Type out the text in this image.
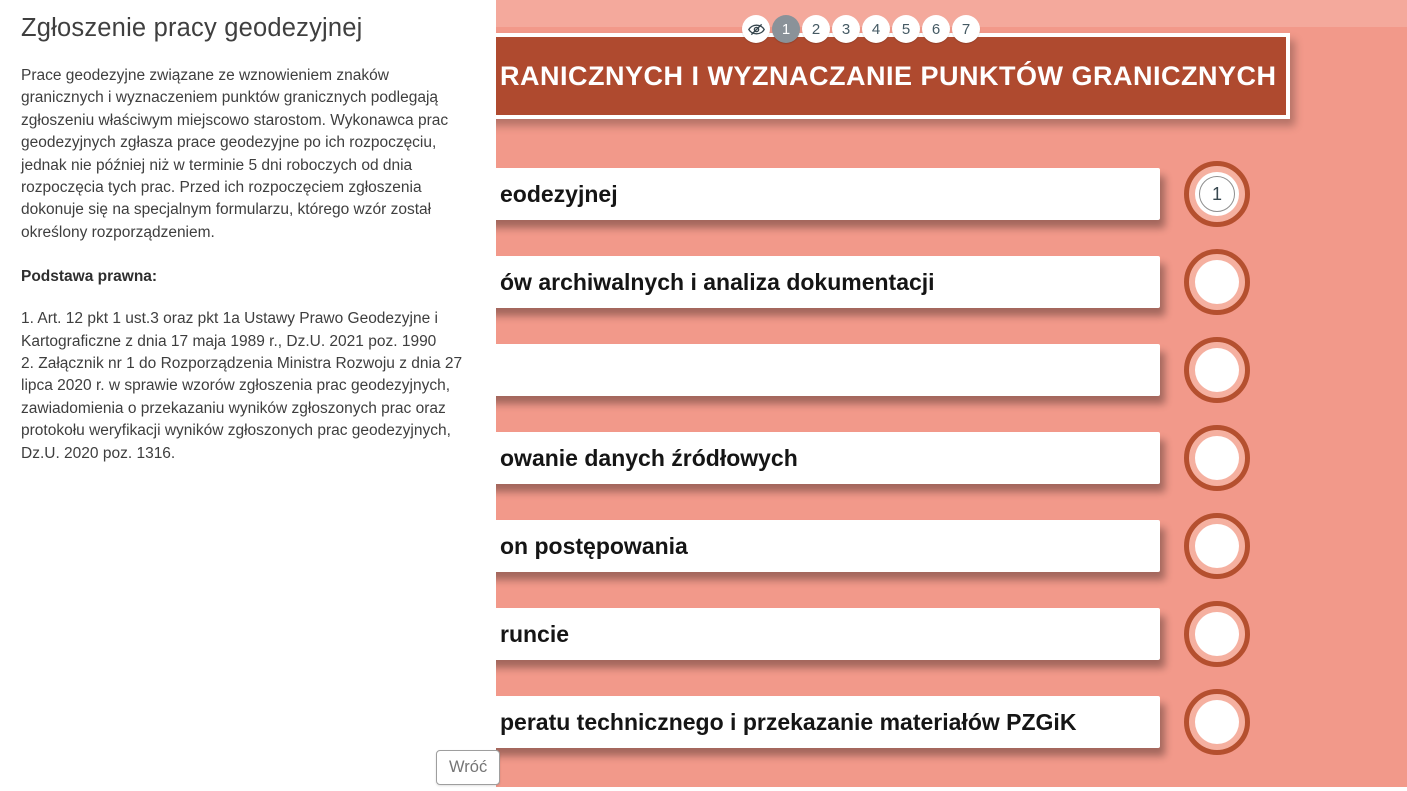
1	2	3	4	5	6	7
RANICZNYCH I WYZNACZANIE PUNKTÓW GRANICZNYCH
eodezyjnej
ów archiwalnych i analiza dokumentacji
owanie danych źródłowych
on postępowania
runcie
peratu technicznego i przekazanie materiałów PZGiK
1
Zgłoszenie pracy geodezyjnej
Prace geodezyjne związane ze wznowieniem znaków granicznych i wyznaczeniem punktów granicznych podlegają zgłoszeniu właściwym miejscowo starostom. Wykonawca prac geodezyjnych zgłasza prace geodezyjne po ich rozpoczęciu, jednak nie później niż w terminie 5 dni roboczych od dnia rozpoczęcia tych prac. Przed ich rozpoczęciem zgłoszenia dokonuje się na specjalnym formularzu, którego wzór został określony rozporządzeniem.
Podstawa prawna:
1. Art. 12 pkt 1 ust.3 oraz pkt 1a Ustawy Prawo Geodezyjne i Kartograficzne z dnia 17 maja 1989 r., Dz.U. 2021 poz. 1990
2. Załącznik nr 1 do Rozporządzenia Ministra Rozwoju z dnia 27 lipca 2020 r. w sprawie wzorów zgłoszenia prac geodezyjnych, zawiadomienia o przekazaniu wyników zgłoszonych prac oraz protokołu weryfikacji wyników zgłoszonych prac geodezyjnych, Dz.U. 2020 poz. 1316.
Wróć
